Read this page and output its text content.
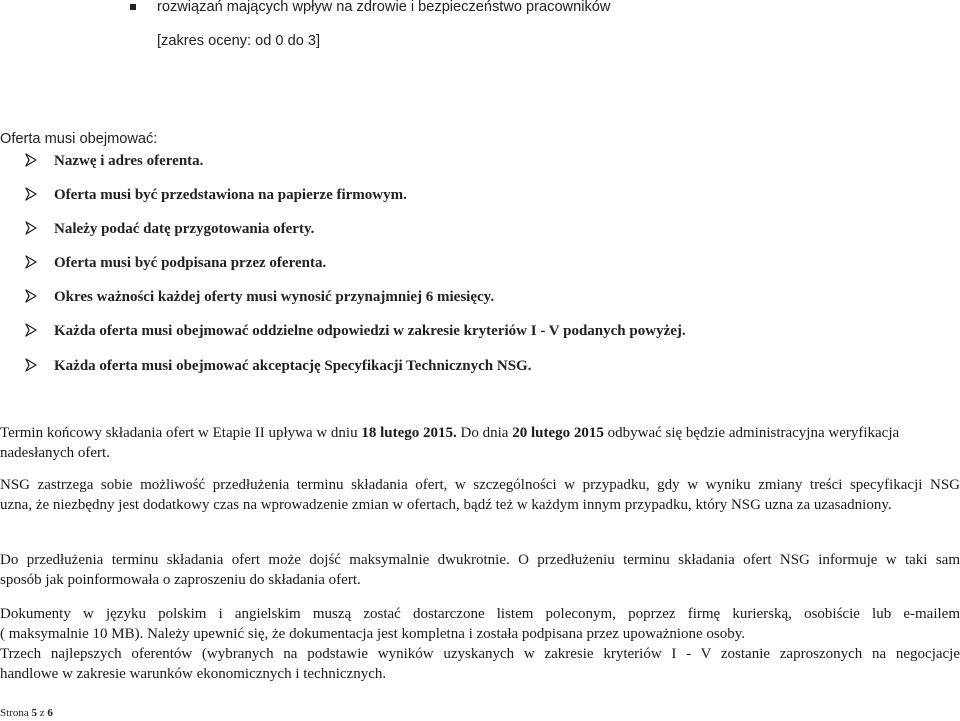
rozwiązań mających wpływ na zdrowie i bezpieczeństwo pracowników
[zakres oceny: od 0 do 3]
Oferta musi obejmować:
Nazwę i adres oferenta.
Oferta musi być przedstawiona na papierze firmowym.
Należy podać datę przygotowania oferty.
Oferta musi być podpisana przez oferenta.
Okres ważności każdej oferty musi wynosić przynajmniej 6 miesięcy.
Każda oferta musi obejmować oddzielne odpowiedzi w zakresie kryteriów I - V podanych powyżej.
Każda oferta musi obejmować akceptację Specyfikacji Technicznych NSG.
Termin końcowy składania ofert w Etapie II upływa w dniu 18 lutego 2015. Do dnia 20 lutego 2015 odbywać się będzie administracyjna weryfikacja
nadesłanych ofert.
NSG zastrzega sobie możliwość przedłużenia terminu składania ofert, w szczególności w przypadku, gdy w wyniku zmiany treści specyfikacji NSG
uzna, że niezbędny jest dodatkowy czas na wprowadzenie zmian w ofertach, bądź też w każdym innym przypadku, który NSG uzna za uzasadniony.
Do przedłużenia terminu składania ofert może dojść maksymalnie dwukrotnie. O przedłużeniu terminu składania ofert NSG informuje w taki sam
sposób jak poinformowała o zaproszeniu do składania ofert.
Dokumenty w języku polskim i angielskim muszą zostać dostarczone listem poleconym, poprzez firmę kurierską, osobiście lub e-mailem
( maksymalnie 10 MB). Należy upewnić się, że dokumentacja jest kompletna i została podpisana przez upoważnione osoby.
Trzech najlepszych oferentów (wybranych na podstawie wyników uzyskanych w zakresie kryteriów I - V zostanie zaproszonych na negocjacje
handlowe w zakresie warunków ekonomicznych i technicznych.
Strona 5 z 6
